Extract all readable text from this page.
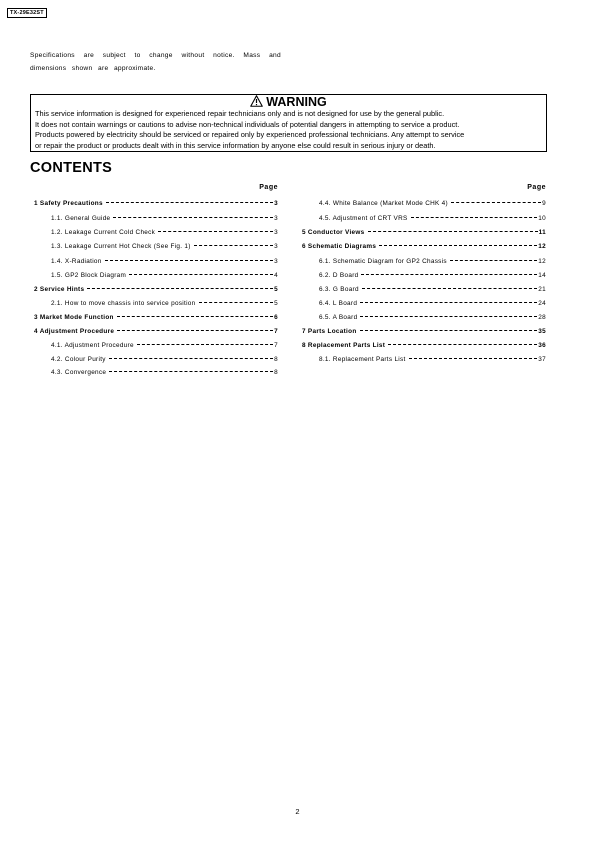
TX-29E32ST
Specifications are subject to change without notice. Mass and dimensions shown are approximate.
WARNING
This service information is designed for experienced repair technicians only and is not designed for use by the general public.
It does not contain warnings or cautions to advise non-technical individuals of potential dangers in attempting to service a product.
Products powered by electricity should be serviced or repaired only by experienced professional technicians. Any attempt to service
or repair the product or products dealt with in this service information by anyone else could result in serious injury or death.
CONTENTS
Page
1 Safety Precautions	3
1.1. General Guide	3
1.2. Leakage Current Cold Check	3
1.3. Leakage Current Hot Check (See Fig. 1)	3
1.4. X-Radiation	3
1.5. GP2 Block Diagram	4
2 Service Hints	5
2.1. How to move chassis into service position	5
3 Market Mode Function	6
4 Adjustment Procedure	7
4.1. Adjustment Procedure	7
4.2. Colour Purity	8
4.3. Convergence	8
Page
4.4. White Balance (Market Mode CHK 4)	9
4.5. Adjustment of CRT VRS	10
5 Conductor Views	11
6 Schematic Diagrams	12
6.1. Schematic Diagram for GP2 Chassis	12
6.2. D Board	14
6.3. G Board	21
6.4. L Board	24
6.5. A Board	28
7 Parts Location	35
8 Replacement Parts List	36
8.1. Replacement Parts List	37
2
